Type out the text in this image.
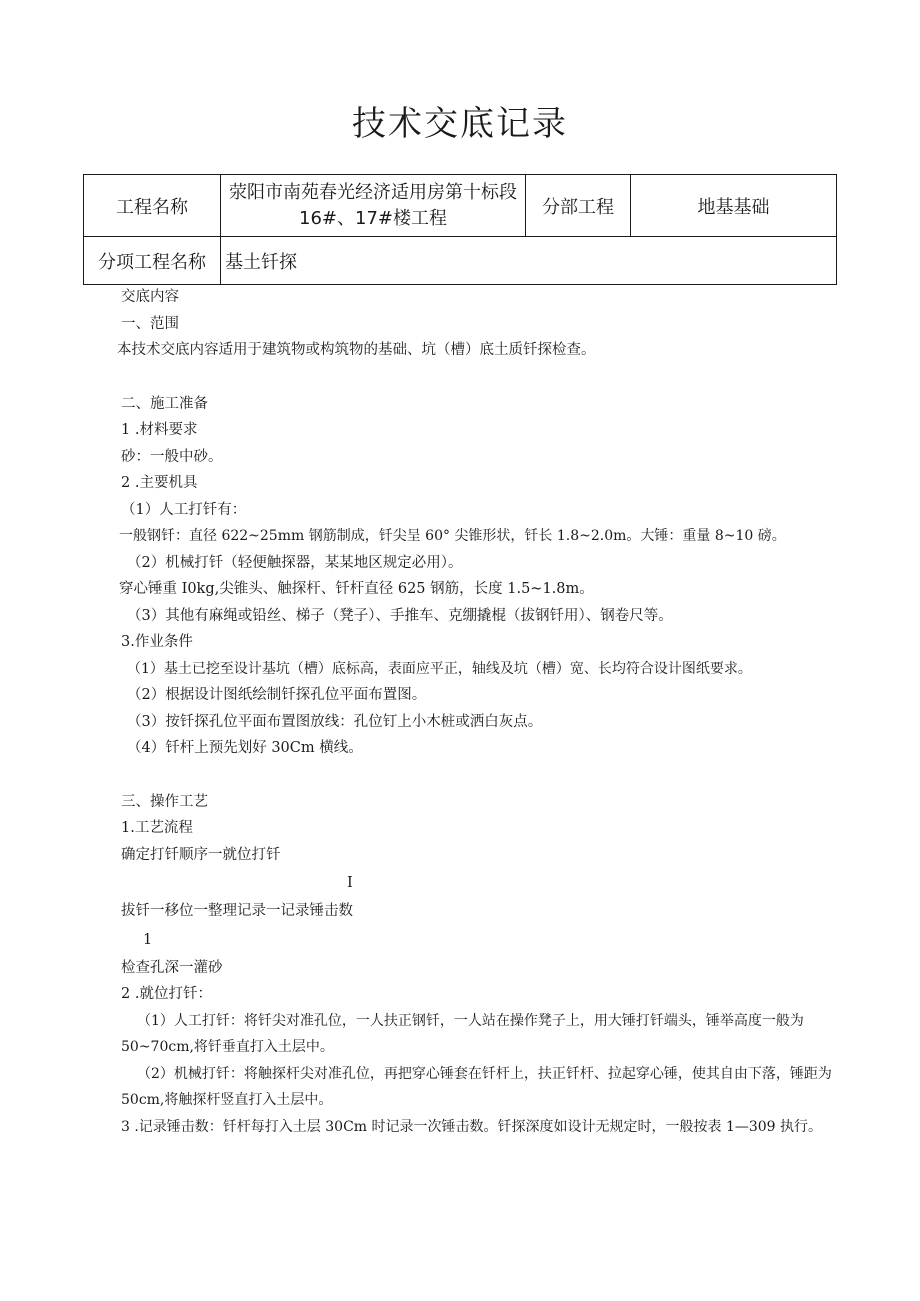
技术交底记录
工程名称	荥阳市南苑春光经济适用房第十标段16#、17#楼工程	分部工程	地基基础
分项工程名称	基土钎探		
交底内容
一、范围
本技术交底内容适用于建筑物或构筑物的基础、坑（槽）底土质钎探检查。
二、施工准备
1 .材料要求
砂：一般中砂。
2 .主要机具
（1）人工打钎有：
一般钢钎：直径 622~25mm 钢筋制成，钎尖呈 60° 尖锥形状，钎长 1.8~2.0m。大锤：重量 8~10 磅。
（2）机械打钎（轻便触探器，某某地区规定必用）。
穿心锤重 I0kg,尖锥头、触探杆、钎杆直径 625 钢筋，长度 1.5~1.8m。
（3）其他有麻绳或铅丝、梯子（凳子）、手推车、克绷撬棍（拔钢钎用）、钢卷尺等。
3.作业条件
（1）基土已挖至设计基坑（槽）底标高，表面应平正，轴线及坑（槽）宽、长均符合设计图纸要求。
（2）根据设计图纸绘制钎探孔位平面布置图。
（3）按钎探孔位平面布置图放线：孔位钉上小木桩或洒白灰点。
（4）钎杆上预先划好 30Cm 横线。
三、操作工艺
1.工艺流程
确定打钎顺序一就位打钎
I
拔钎一移位一整理记录一记录锤击数
1
检查孔深一灌砂
2 .就位打钎：
（1）人工打钎：将钎尖对准孔位，一人扶正钢钎，一人站在操作凳子上，用大锤打钎端头，锤举高度一般为 50~70cm,将钎垂直打入土层中。
（2）机械打钎：将触探杆尖对准孔位，再把穿心锤套在钎杆上，扶正钎杆、拉起穿心锤，使其自由下落，锤距为 50cm,将触探杆竖直打入土层中。
3 .记录锤击数：钎杆每打入土层 30Cm 时记录一次锤击数。钎探深度如设计无规定时，一般按表 1—309 执行。
